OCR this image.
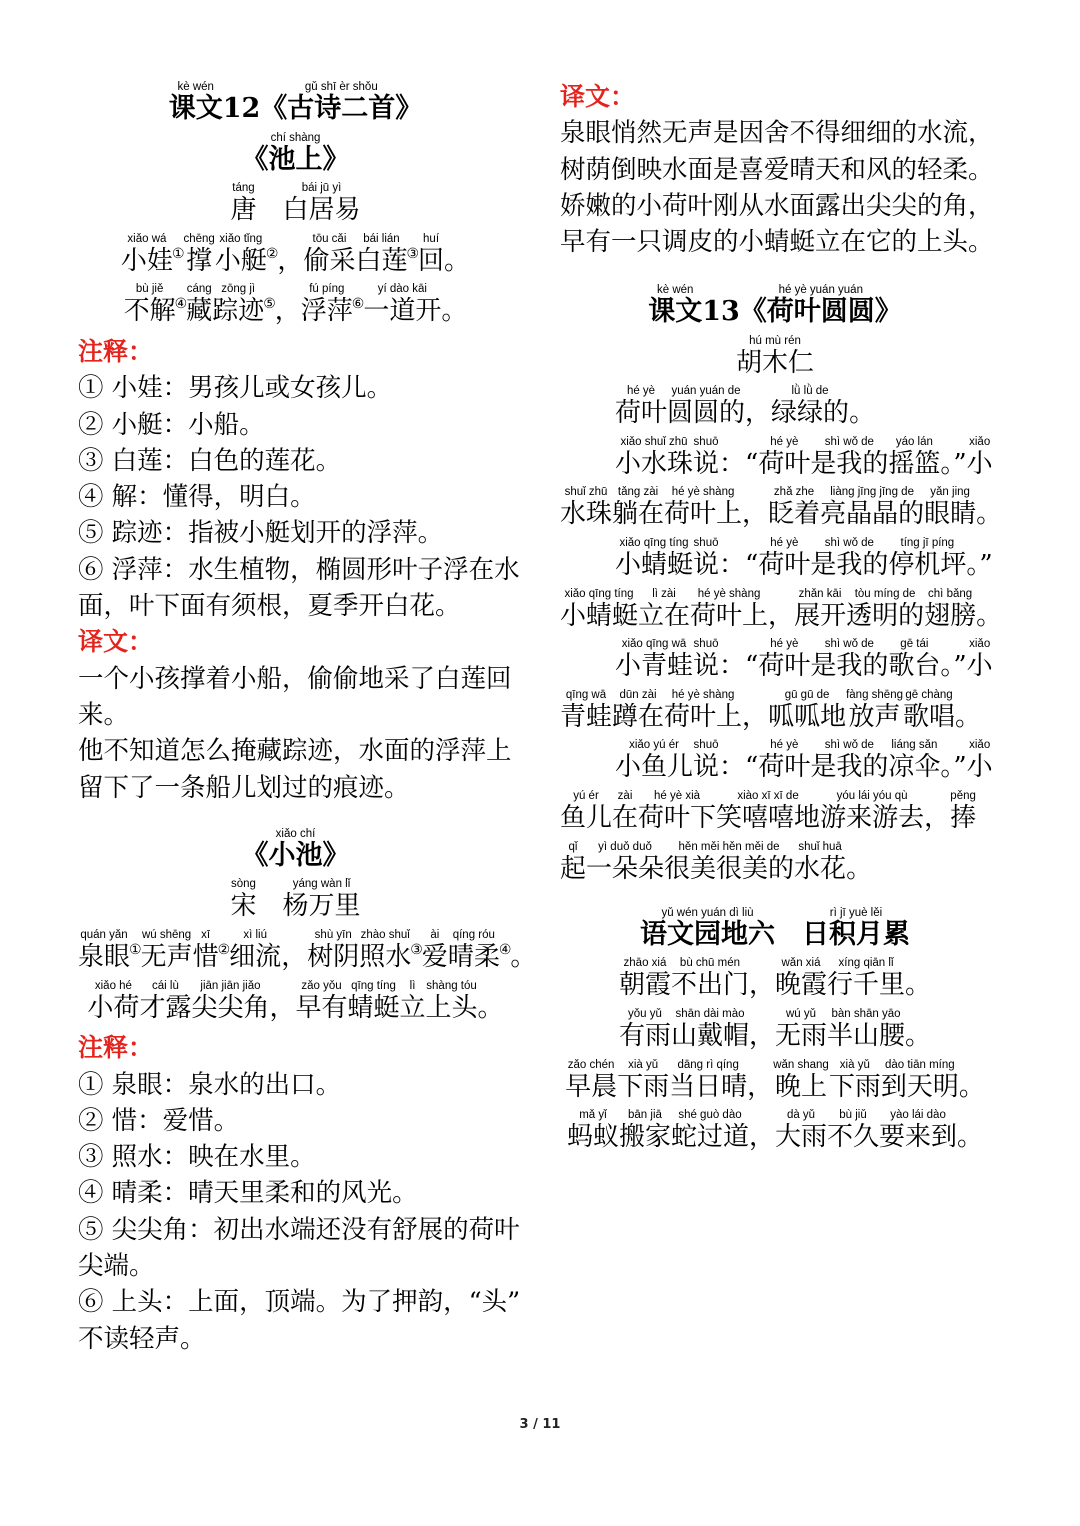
kè wén
课文 12 《
gǔ shī èr shǒu
古诗二首 》
《
chí shàng
池上 》
táng
唐

bái jū yì
白居易
xiǎo wá
小娃 ①
chēng
撑
xiǎo tǐng
小艇 ② ，
tōu cǎi
偷采
bái lián
白莲 ③
huí
回 。
bù jiě
不解 ④
cáng
藏
zōng jì
踪迹 ⑤ ，
fú píng
浮萍 ⑥
yí dào kāi
一道开 。
注释：
① 小娃：男孩儿或女孩儿。
② 小艇：小船。
③ 白莲：白色的莲花。
④ 解：懂得，明白。
⑤ 踪迹：指被小艇划开的浮萍。
⑥ 浮萍：水生植物，椭圆形叶子浮在水
面，叶下面有须根，夏季开白花。
译文：
一个小孩撑着小船，偷偷地采了白莲回
来。
他不知道怎么掩藏踪迹，水面的浮萍上
留下了一条船儿划过的痕迹。
《
xiǎo chí
小池 》
sòng
宋

yáng wàn lǐ
杨万里
quán yǎn
泉眼 ①
wú shēng
无声
xī
惜 ②
xì liú
细流 ，
shù yīn
树阴
zhào shuǐ
照水 ③
ài
爱
qíng róu
晴柔 ④ 。
xiǎo hé
小荷
cái lù
才露
jiān jiān jiǎo
尖尖角 ，
zǎo yǒu
早有
qīng tíng
蜻蜓
lì
立
shàng tóu
上头 。
注释：
① 泉眼：泉水的出口。
② 惜：爱惜。
③ 照水：映在水里。
④ 晴柔：晴天里柔和的风光。
⑤ 尖尖角：初出水端还没有舒展的荷叶
尖端。
⑥ 上头：上面，顶端。为了押韵，“头”
不读轻声。
译文：
泉眼悄然无声是因舍不得细细的水流，
树荫倒映水面是喜爱晴天和风的轻柔。
娇嫩的小荷叶刚从水面露出尖尖的角，
早有一只调皮的小蜻蜓立在它的上头。
kè wén
课文 13 《
hé yè yuán yuán
荷叶圆圆 》
hú mù rén
胡木仁
hé yè
荷叶
yuán yuán de
圆圆的 ，
lǜ lǜ de
绿绿的 。
xiǎo shuǐ zhū
小水珠
shuō
说 ：“
hé yè
荷叶
shì wǒ de
是我的
yáo lán
摇篮 。”
xiǎo
小
shuǐ zhū
水珠
tǎng zài
躺在
hé yè shàng
荷叶上 ，
zhǎ zhe
眨着
liàng jīng jīng de
亮晶晶的
yǎn jing
眼睛 。
xiǎo qīng tíng
小蜻蜓
shuō
说 ：“
hé yè
荷叶
shì wǒ de
是我的
tíng jī píng
停机坪 。”
xiǎo qīng tíng
小蜻蜓
lì zài
立在
hé yè shàng
荷叶上 ，
zhǎn kāi
展开
tòu míng de
透明的
chì bǎng
翅膀 。
xiǎo qīng wā
小青蛙
shuō
说 ：“
hé yè
荷叶
shì wǒ de
是我的
gē tái
歌台 。”
xiǎo
小
qīng wā
青蛙
dūn zài
蹲在
hé yè shàng
荷叶上 ，
gū gū de
呱呱地
fàng shēng
放声
gē chàng
歌唱 。
xiǎo yú ér
小鱼儿
shuō
说 ：“
hé yè
荷叶
shì wǒ de
是我的
liáng sǎn
凉伞 。”
xiǎo
小
yú ér
鱼儿
zài
在
hé yè xià
荷叶下
xiào xī xī de
笑嘻嘻地
yóu lái yóu qù
游来游去 ，
pěng
捧
qǐ
起
yì duǒ duǒ
一朵朵
hěn měi hěn měi de
很美很美的
shuǐ huā
水花 。
yǔ wén yuán dì liù
语文园地六

rì jī yuè lěi
日积月累
zhāo xiá
朝霞
bù chū mén
不出门 ，
wǎn xiá
晚霞
xíng qiān lǐ
行千里 。
yǒu yǔ
有雨
shān dài mào
山戴帽 ，
wú yǔ
无雨
bàn shān yāo
半山腰 。
zǎo chén
早晨
xià yǔ
下雨
dāng rì qíng
当日晴 ，
wǎn shang
晚上
xià yǔ
下雨
dào tiān míng
到天明 。
mǎ yǐ
蚂蚁
bān jiā
搬家
shé guò dào
蛇过道 ，
dà yǔ
大雨
bù jiǔ
不久
yào lái dào
要来到 。
3 / 11
